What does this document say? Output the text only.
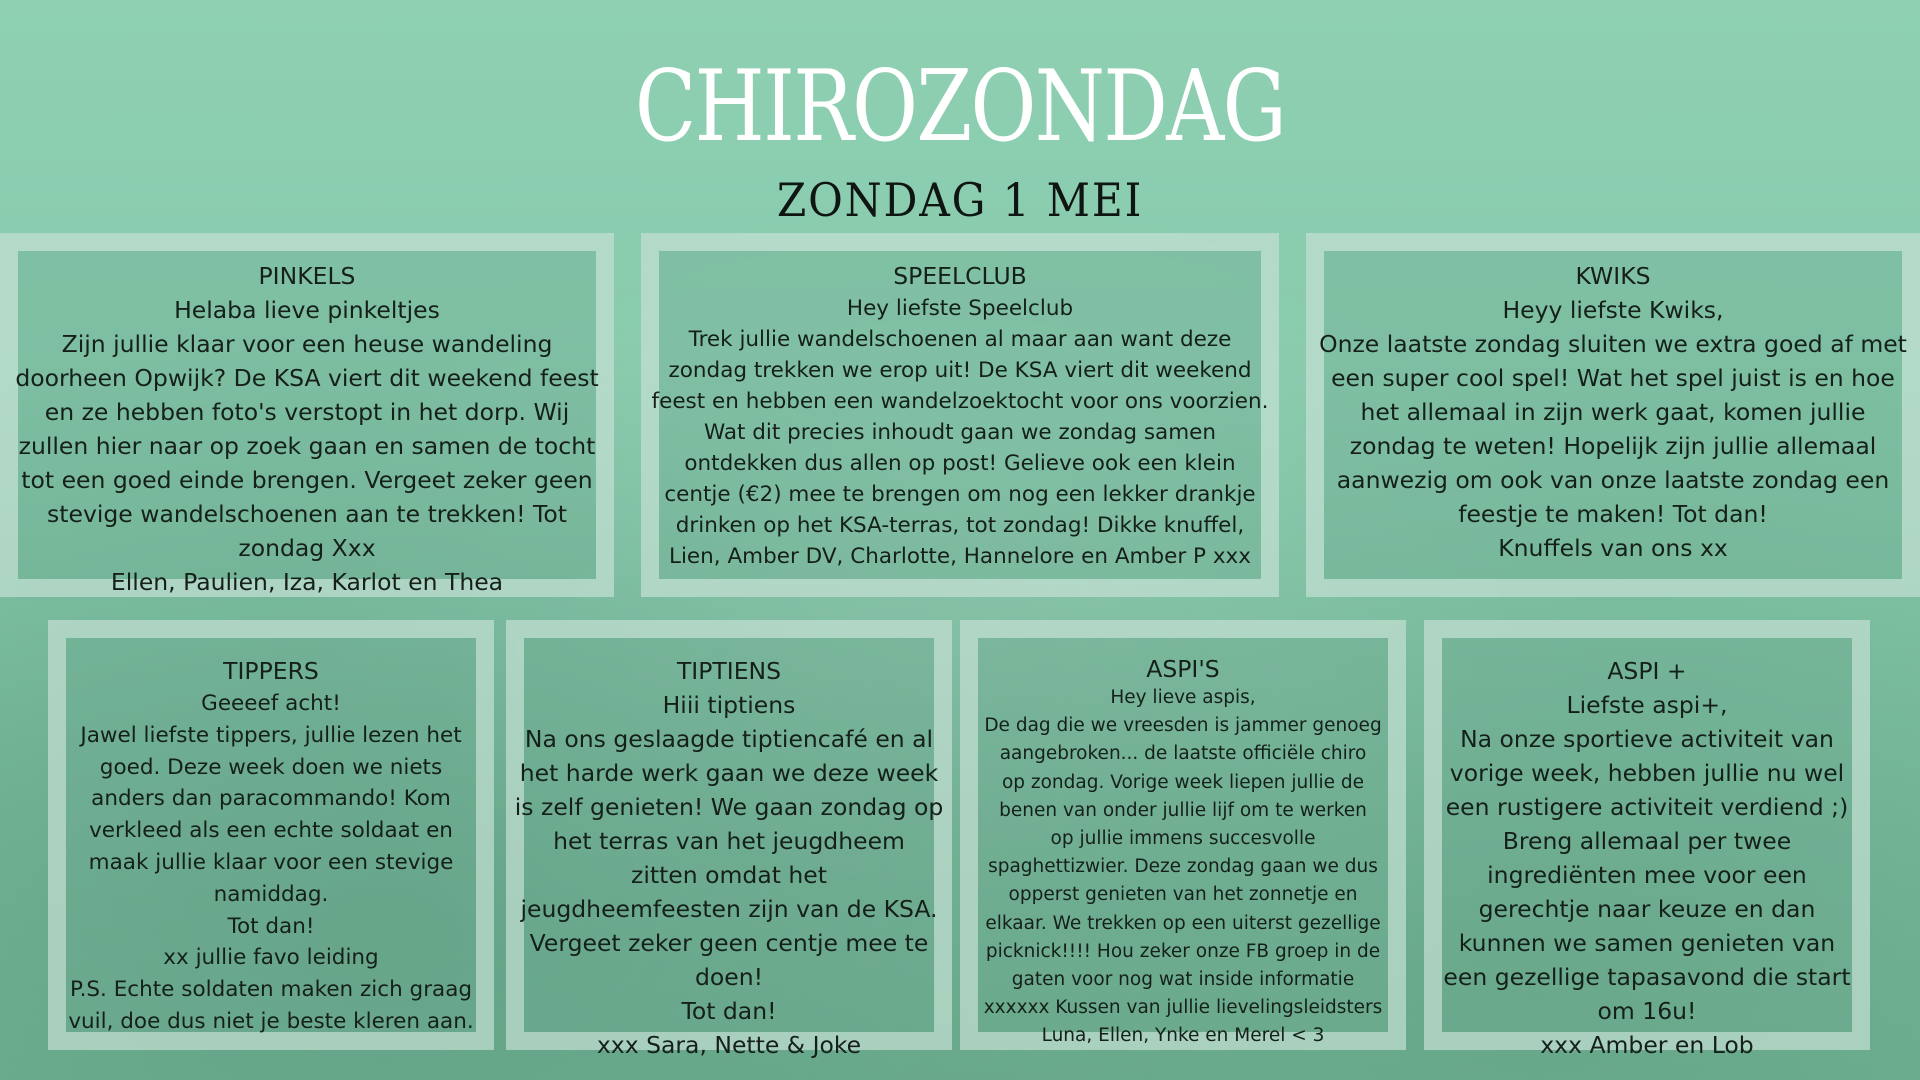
CHIROZONDAG
ZONDAG 1 MEI
PINKELS
Helaba lieve pinkeltjes
Zijn jullie klaar voor een heuse wandeling
doorheen Opwijk? De KSA viert dit weekend feest
en ze hebben foto's verstopt in het dorp. Wij
zullen hier naar op zoek gaan en samen de tocht
tot een goed einde brengen. Vergeet zeker geen
stevige wandelschoenen aan te trekken! Tot
zondag Xxx
Ellen, Paulien, Iza, Karlot en Thea
SPEELCLUB
Hey liefste Speelclub
Trek jullie wandelschoenen al maar aan want deze
zondag trekken we erop uit! De KSA viert dit weekend
feest en hebben een wandelzoektocht voor ons voorzien.
Wat dit precies inhoudt gaan we zondag samen
ontdekken dus allen op post! Gelieve ook een klein
centje (€2) mee te brengen om nog een lekker drankje
drinken op het KSA-terras, tot zondag! Dikke knuffel,
Lien, Amber DV, Charlotte, Hannelore en Amber P xxx
KWIKS
Heyy liefste Kwiks,
Onze laatste zondag sluiten we extra goed af met
een super cool spel! Wat het spel juist is en hoe
het allemaal in zijn werk gaat, komen jullie
zondag te weten! Hopelijk zijn jullie allemaal
aanwezig om ook van onze laatste zondag een
feestje te maken! Tot dan!
Knuffels van ons xx
TIPPERS
Geeeef acht!
Jawel liefste tippers, jullie lezen het
goed. Deze week doen we niets
anders dan paracommando! Kom
verkleed als een echte soldaat en
maak jullie klaar voor een stevige
namiddag.
Tot dan!
xx jullie favo leiding
P.S. Echte soldaten maken zich graag
vuil, doe dus niet je beste kleren aan.
TIPTIENS
Hiii tiptiens
Na ons geslaagde tiptiencafé en al
het harde werk gaan we deze week
is zelf genieten! We gaan zondag op
het terras van het jeugdheem
zitten omdat het
jeugdheemfeesten zijn van de KSA.
Vergeet zeker geen centje mee te
doen!
Tot dan!
xxx Sara, Nette & Joke
ASPI'S
Hey lieve aspis,
De dag die we vreesden is jammer genoeg
aangebroken... de laatste officiële chiro
op zondag. Vorige week liepen jullie de
benen van onder jullie lijf om te werken
op jullie immens succesvolle
spaghettizwier. Deze zondag gaan we dus
opperst genieten van het zonnetje en
elkaar. We trekken op een uiterst gezellige
picknick!!!! Hou zeker onze FB groep in de
gaten voor nog wat inside informatie
xxxxxx Kussen van jullie lievelingsleidsters
Luna, Ellen, Ynke en Merel < 3
ASPI +
Liefste aspi+,
Na onze sportieve activiteit van
vorige week, hebben jullie nu wel
een rustigere activiteit verdiend ;)
Breng allemaal per twee
ingrediënten mee voor een
gerechtje naar keuze en dan
kunnen we samen genieten van
een gezellige tapasavond die start
om 16u!
xxx Amber en Lob
